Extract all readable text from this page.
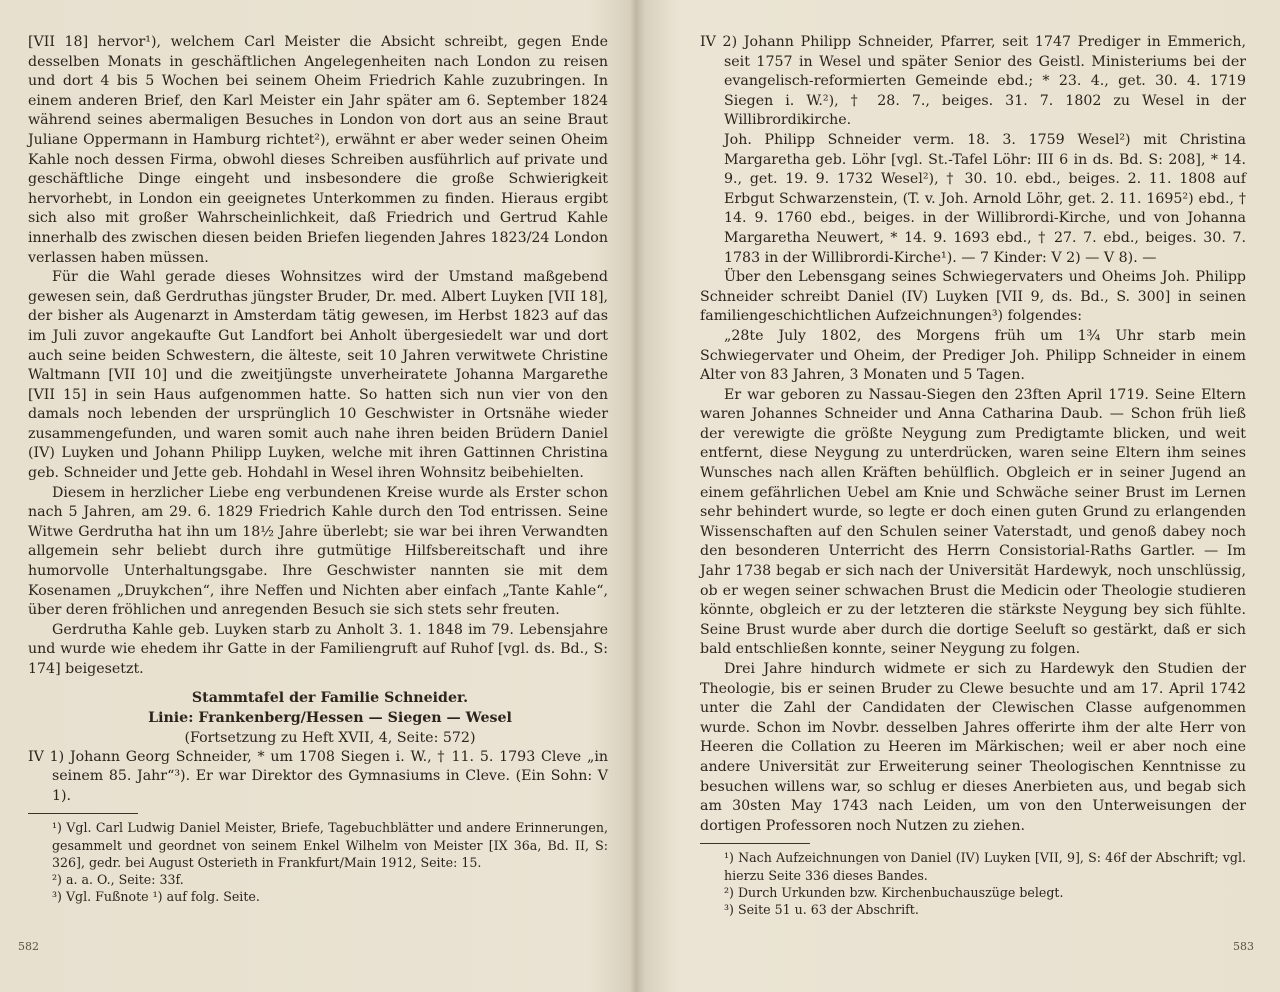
[VII 18] hervor¹), welchem Carl Meister die Absicht schreibt, gegen Ende desselben Monats in geschäftlichen Angelegenheiten nach London zu reisen und dort 4 bis 5 Wochen bei seinem Oheim Friedrich Kahle zuzubringen. In einem anderen Brief, den Karl Meister ein Jahr später am 6. September 1824 während seines abermaligen Besuches in London von dort aus an seine Braut Juliane Oppermann in Hamburg richtet²), erwähnt er aber weder seinen Oheim Kahle noch dessen Firma, obwohl dieses Schreiben ausführlich auf private und geschäftliche Dinge eingeht und insbesondere die große Schwierigkeit hervorhebt, in London ein geeignetes Unterkommen zu finden. Hieraus ergibt sich also mit großer Wahrscheinlichkeit, daß Friedrich und Gertrud Kahle innerhalb des zwischen diesen beiden Briefen liegenden Jahres 1823/24 London verlassen haben müssen.

Für die Wahl gerade dieses Wohnsitzes wird der Umstand maßgebend gewesen sein, daß Gerdruthas jüngster Bruder, Dr. med. Albert Luyken [VII 18], der bisher als Augenarzt in Amsterdam tätig gewesen, im Herbst 1823 auf das im Juli zuvor angekaufte Gut Landfort bei Anholt übergesiedelt war und dort auch seine beiden Schwestern, die älteste, seit 10 Jahren verwitwete Christine Waltmann [VII 10] und die zweitjüngste unverheiratete Johanna Margarethe [VII 15] in sein Haus aufgenommen hatte. So hatten sich nun vier von den damals noch lebenden der ursprünglich 10 Geschwister in Ortsnähe wieder zusammengefunden, und waren somit auch nahe ihren beiden Brüdern Daniel (IV) Luyken und Johann Philipp Luyken, welche mit ihren Gattinnen Christina geb. Schneider und Jette geb. Hohdahl in Wesel ihren Wohnsitz beibehielten.

Diesem in herzlicher Liebe eng verbundenen Kreise wurde als Erster schon nach 5 Jahren, am 29. 6. 1829 Friedrich Kahle durch den Tod entrissen. Seine Witwe Gerdrutha hat ihn um 18½ Jahre überlebt; sie war bei ihren Verwandten allgemein sehr beliebt durch ihre gutmütige Hilfsbereitschaft und ihre humorvolle Unterhaltungsgabe. Ihre Geschwister nannten sie mit dem Kosenamen „Druykchen“, ihre Neffen und Nichten aber einfach „Tante Kahle“, über deren fröhlichen und anregenden Besuch sie sich stets sehr freuten.

Gerdrutha Kahle geb. Luyken starb zu Anholt 3. 1. 1848 im 79. Lebensjahre und wurde wie ehedem ihr Gatte in der Familiengruft auf Ruhof [vgl. ds. Bd., S: 174] beigesetzt.

Stammtafel der Familie Schneider.

Linie: Frankenberg/Hessen — Siegen — Wesel

(Fortsetzung zu Heft XVII, 4, Seite: 572)

IV 1) Johann Georg Schneider, * um 1708 Siegen i. W., † 11. 5. 1793 Cleve „in seinem 85. Jahr“³). Er war Direktor des Gymnasiums in Cleve. (Ein Sohn: V 1).

¹) Vgl. Carl Ludwig Daniel Meister, Briefe, Tagebuchblätter und andere Erinnerungen, gesammelt und geordnet von seinem Enkel Wilhelm von Meister [IX 36a, Bd. II, S: 326], gedr. bei August Osterieth in Frankfurt/Main 1912, Seite: 15.

²) a. a. O., Seite: 33f.

³) Vgl. Fußnote ¹) auf folg. Seite.

582

IV 2) Johann Philipp Schneider, Pfarrer, seit 1747 Prediger in Emmerich, seit 1757 in Wesel und später Senior des Geistl. Ministeriums bei der evangelisch-reformierten Gemeinde ebd.; * 23. 4., get. 30. 4. 1719 Siegen i. W.²), † 28. 7., beiges. 31. 7. 1802 zu Wesel in der Willibrordikirche.

Joh. Philipp Schneider verm. 18. 3. 1759 Wesel²) mit Christina Margaretha geb. Löhr [vgl. St.-Tafel Löhr: III 6 in ds. Bd. S: 208], * 14. 9., get. 19. 9. 1732 Wesel²), † 30. 10. ebd., beiges. 2. 11. 1808 auf Erbgut Schwarzenstein, (T. v. Joh. Arnold Löhr, get. 2. 11. 1695²) ebd., † 14. 9. 1760 ebd., beiges. in der Willibrordi-Kirche, und von Johanna Margaretha Neuwert, * 14. 9. 1693 ebd., † 27. 7. ebd., beiges. 30. 7. 1783 in der Willibrordi-Kirche¹). — 7 Kinder: V 2) — V 8). —

Über den Lebensgang seines Schwiegervaters und Oheims Joh. Philipp Schneider schreibt Daniel (IV) Luyken [VII 9, ds. Bd., S. 300] in seinen familiengeschichtlichen Aufzeichnungen³) folgendes:

„28te July 1802, des Morgens früh um 1¾ Uhr starb mein Schwiegervater und Oheim, der Prediger Joh. Philipp Schneider in einem Alter von 83 Jahren, 3 Monaten und 5 Tagen.

Er war geboren zu Nassau-Siegen den 23ften April 1719. Seine Eltern waren Johannes Schneider und Anna Catharina Daub. — Schon früh ließ der verewigte die größte Neygung zum Predigtamte blicken, und weit entfernt, diese Neygung zu unterdrücken, waren seine Eltern ihm seines Wunsches nach allen Kräften behülflich. Obgleich er in seiner Jugend an einem gefährlichen Uebel am Knie und Schwäche seiner Brust im Lernen sehr behindert wurde, so legte er doch einen guten Grund zu erlangenden Wissenschaften auf den Schulen seiner Vaterstadt, und genoß dabey noch den besonderen Unterricht des Herrn Consistorial-Raths Gartler. — Im Jahr 1738 begab er sich nach der Universität Hardewyk, noch unschlüssig, ob er wegen seiner schwachen Brust die Medicin oder Theologie studieren könnte, obgleich er zu der letzteren die stärkste Neygung bey sich fühlte. Seine Brust wurde aber durch die dortige Seeluft so gestärkt, daß er sich bald entschließen konnte, seiner Neygung zu folgen.

Drei Jahre hindurch widmete er sich zu Hardewyk den Studien der Theologie, bis er seinen Bruder zu Clewe besuchte und am 17. April 1742 unter die Zahl der Candidaten der Clewischen Classe aufgenommen wurde. Schon im Novbr. desselben Jahres offerirte ihm der alte Herr von Heeren die Collation zu Heeren im Märkischen; weil er aber noch eine andere Universität zur Erweiterung seiner Theologischen Kenntnisse zu besuchen willens war, so schlug er dieses Anerbieten aus, und begab sich am 30sten May 1743 nach Leiden, um von den Unterweisungen der dortigen Professoren noch Nutzen zu ziehen.

¹) Nach Aufzeichnungen von Daniel (IV) Luyken [VII, 9], S: 46f der Abschrift; vgl. hierzu Seite 336 dieses Bandes.

²) Durch Urkunden bzw. Kirchenbuchauszüge belegt.

³) Seite 51 u. 63 der Abschrift.

583
